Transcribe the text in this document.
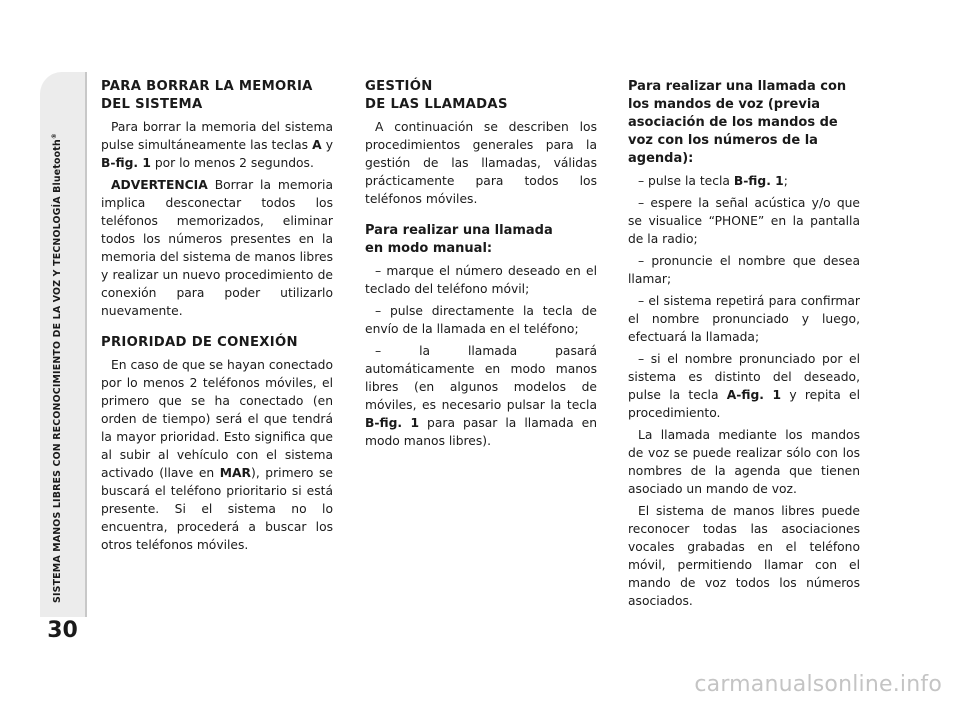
SISTEMA MANOS LIBRES CON RECONOCIMIENTO DE LA VOZ Y TECNOLOGÍA Bluetooth®
30
PARA BORRAR LA MEMORIA DEL SISTEMA

Para borrar la memoria del sistema pulse simultáneamente las teclas A y B-fig. 1 por lo menos 2 segundos.

ADVERTENCIA Borrar la memoria implica desconectar todos los teléfonos memorizados, eliminar todos los números presentes en la memoria del sistema de manos libres y realizar un nuevo procedimiento de conexión para poder utilizarlo nuevamente.

PRIORIDAD DE CONEXIÓN

En caso de que se hayan conectado por lo menos 2 teléfonos móviles, el primero que se ha conectado (en orden de tiempo) será el que tendrá la mayor prioridad. Esto significa que al subir al vehículo con el sistema activado (llave en MAR), primero se buscará el teléfono prioritario si está presente. Si el sistema no lo encuentra, procederá a buscar los otros teléfonos móviles.

GESTIÓN
DE LAS LLAMADAS

A continuación se describen los procedimientos generales para la gestión de las llamadas, válidas prácticamente para todos los teléfonos móviles.

Para realizar una llamada
en modo manual:

– marque el número deseado en el teclado del teléfono móvil;

– pulse directamente la tecla de envío de la llamada en el teléfono;

– la llamada pasará automáticamente en modo manos libres (en algunos modelos de móviles, es necesario pulsar la tecla B-fig. 1 para pasar la llamada en modo manos libres).

Para realizar una llamada con los mandos de voz (previa asociación de los mandos de voz con los números de la agenda):

– pulse la tecla B-fig. 1;

– espere la señal acústica y/o que se visualice “PHONE” en la pantalla de la radio;

– pronuncie el nombre que desea llamar;

– el sistema repetirá para confirmar el nombre pronunciado y luego, efectuará la llamada;

– si el nombre pronunciado por el sistema es distinto del deseado, pulse la tecla A-fig. 1 y repita el procedimiento.

La llamada mediante los mandos de voz se puede realizar sólo con los nombres de la agenda que tienen asociado un mando de voz.

El sistema de manos libres puede reconocer todas las asociaciones vocales grabadas en el teléfono móvil, permitiendo llamar con el mando de voz todos los números asociados.

carmanualsonline.info
